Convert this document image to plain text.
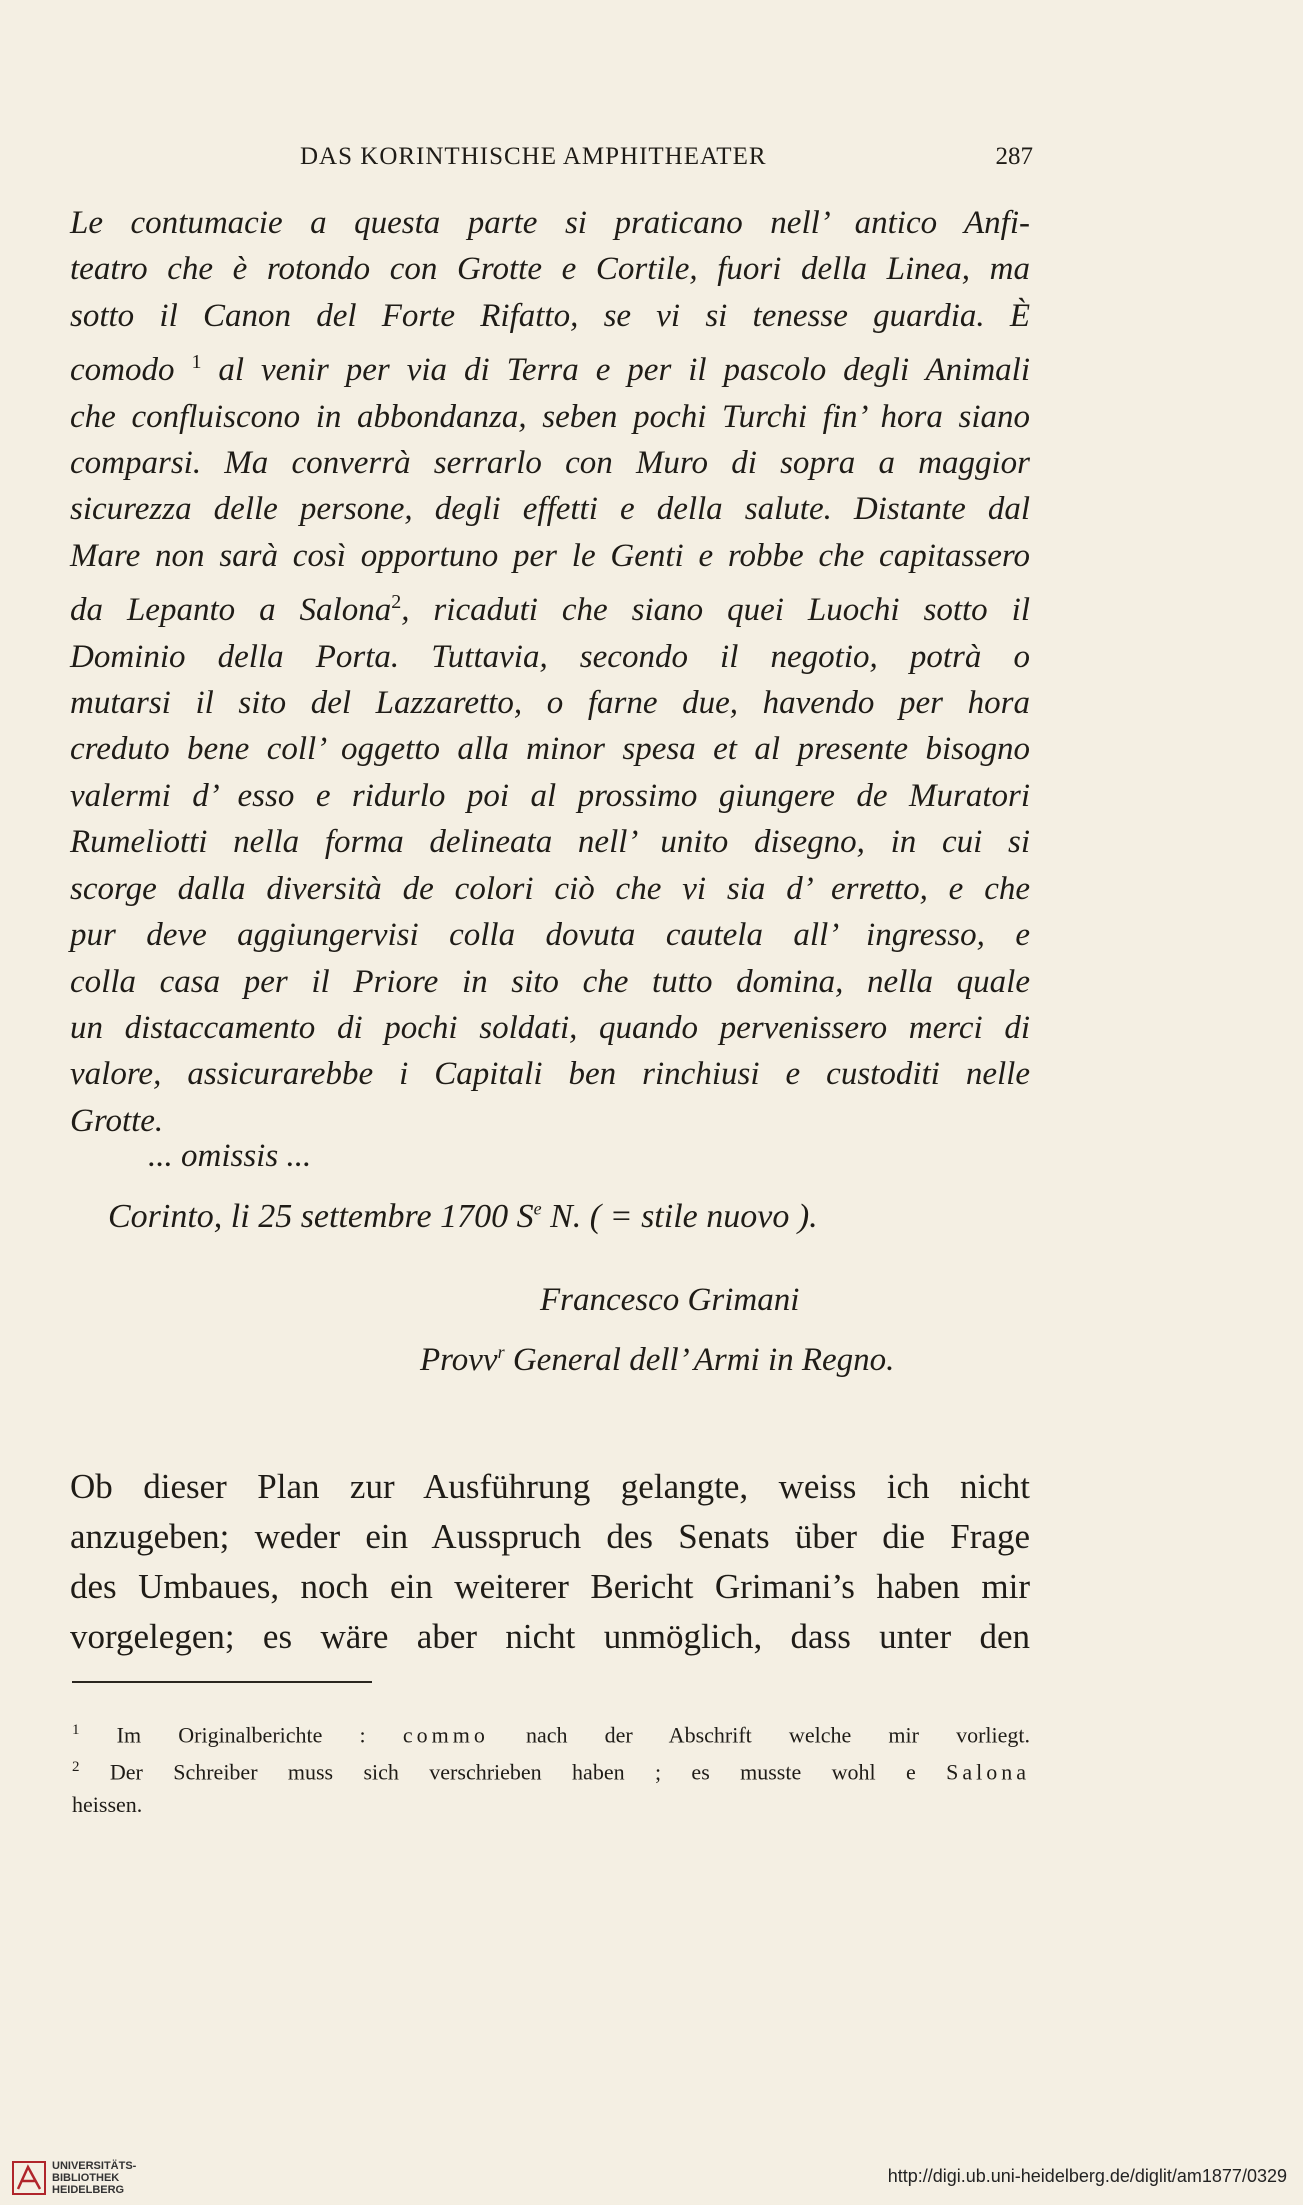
DAS KORINTHISCHE AMPHITHEATER	287
Le contumacie a questa parte si praticano nell’ antico Anfi-
teatro che è rotondo con Grotte e Cortile, fuori della Linea, ma
sotto il Canon del Forte Rifatto, se vi si tenesse guardia. È
comodo $^1$ al venir per via di Terra e per il pascolo degli Animali
che confluiscono in abbondanza, seben pochi Turchi fin’ hora siano
comparsi. Ma converrà serrarlo con Muro di sopra a maggior
sicurezza delle persone, degli effetti e della salute. Distante dal
Mare non sarà così opportuno per le Genti e robbe che capitassero
da Lepanto a Salona$^2$, ricaduti che siano quei Luochi sotto il
Dominio della Porta. Tuttavia, secondo il negotio, potrà o
mutarsi il sito del Lazzaretto, o farne due, havendo per hora
creduto bene coll’ oggetto alla minor spesa et al presente bisogno
valermi d’ esso e ridurlo poi al prossimo giungere de Muratori
Rumeliotti nella forma delineata nell’ unito disegno, in cui si
scorge dalla diversità de colori ciò che vi sia d’ erretto, e che
pur deve aggiungervisi colla dovuta cautela all’ ingresso, e
colla casa per il Priore in sito che tutto domina, nella quale
un distaccamento di pochi soldati, quando pervenissero merci di
valore, assicurarebbe i Capitali ben rinchiusi e custoditi nelle
Grotte.
... omissis ...
Corinto, li 25 settembre 1700 $S^e$ N. ( = stile nuovo ).
Francesco Grimani
Provv$^r$ General dell’ Armi in Regno.
Ob dieser Plan zur Ausführung gelangte, weiss ich nicht
anzugeben; weder ein Ausspruch des Senats über die Frage
des Umbaues, noch ein weiterer Bericht Grimani’s haben mir
vorgelegen; es wäre aber nicht unmöglich, dass unter den
$^1$ Im Originalberichte : commo nach der Abschrift welche mir vorliegt.
$^2$ Der Schreiber muss sich verschrieben haben ; es musste wohl e Salona
heissen.
UNIVERSITÄTS-
BIBLIOTHEK
HEIDELBERG
http://digi.ub.uni-heidelberg.de/diglit/am1877/0329
